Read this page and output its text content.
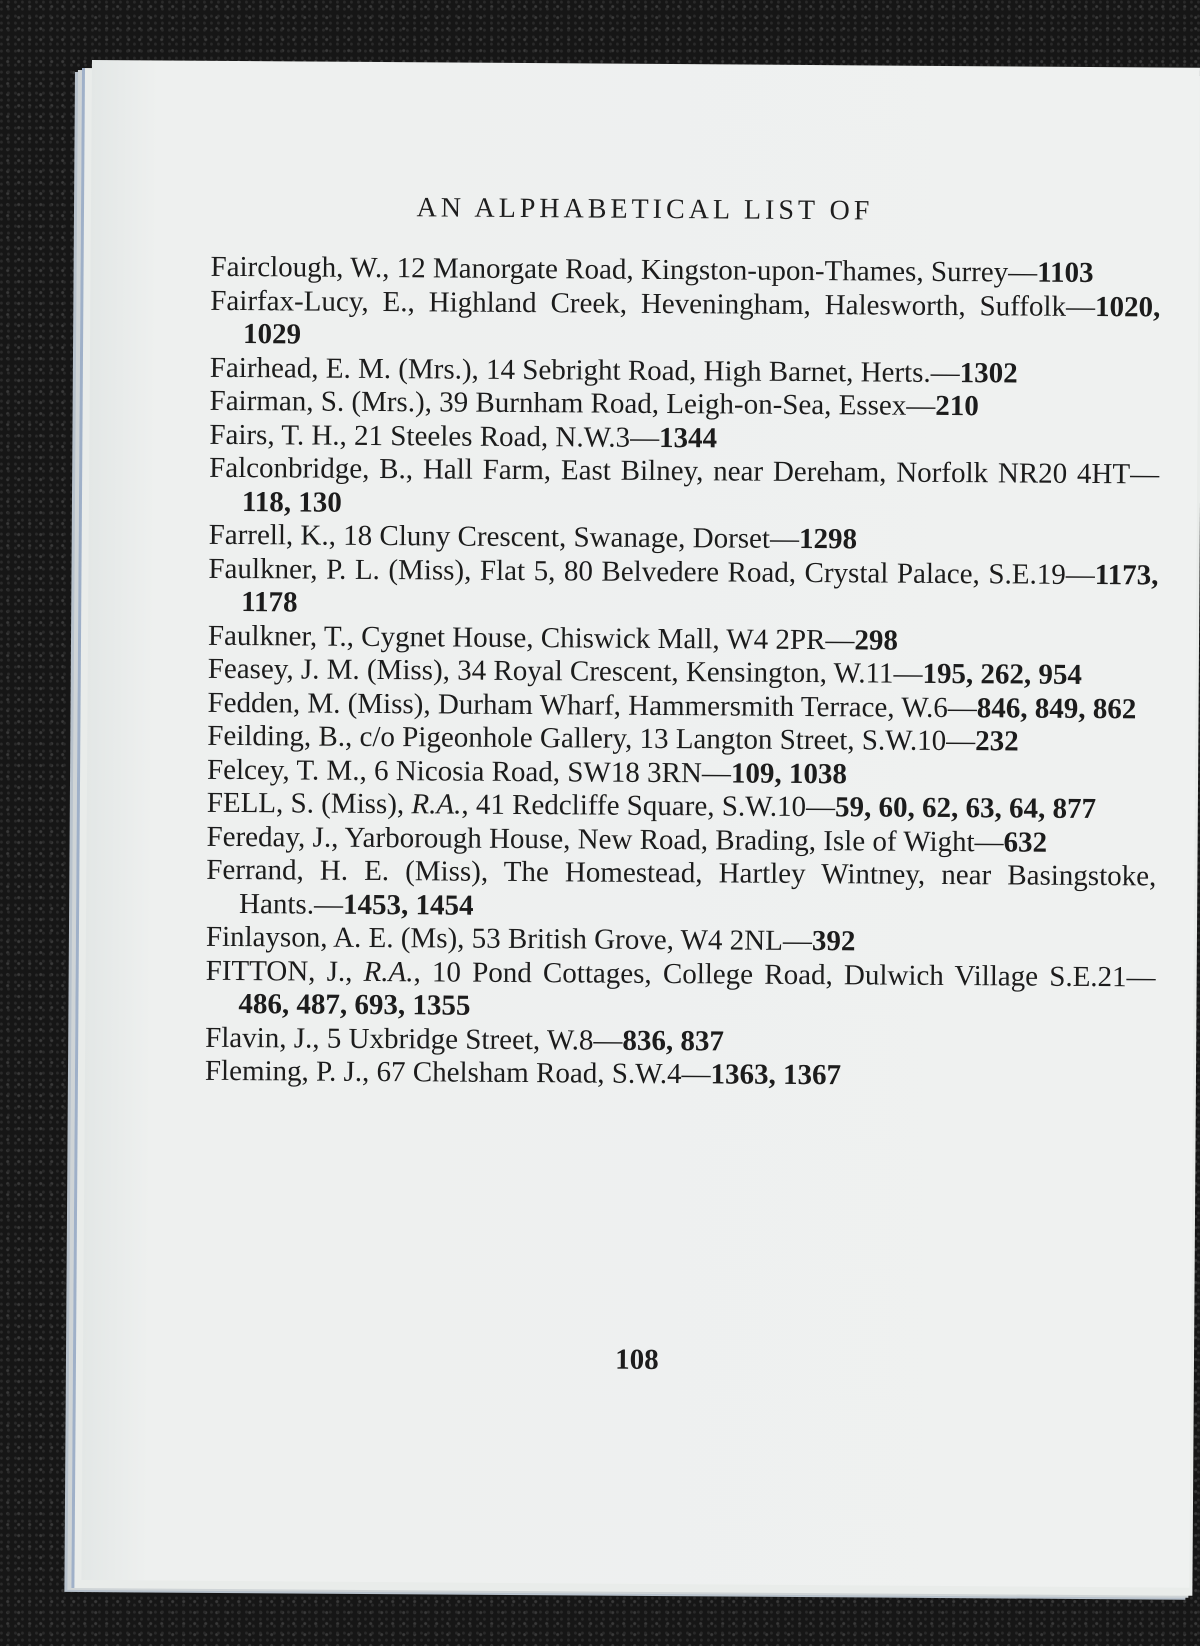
AN ALPHABETICAL LIST OF
Fairclough, W., 12 Manorgate Road, Kingston-upon-Thames, Surrey—1103
Fairfax-Lucy, E., Highland Creek, Heveningham, Halesworth, Suffolk—1020, 1029
Fairhead, E. M. (Mrs.), 14 Sebright Road, High Barnet, Herts.—1302
Fairman, S. (Mrs.), 39 Burnham Road, Leigh-on-Sea, Essex—210
Fairs, T. H., 21 Steeles Road, N.W.3—1344
Falconbridge, B., Hall Farm, East Bilney, near Dereham, Norfolk NR20 4HT—118, 130
Farrell, K., 18 Cluny Crescent, Swanage, Dorset—1298
Faulkner, P. L. (Miss), Flat 5, 80 Belvedere Road, Crystal Palace, S.E.19—1173, 1178
Faulkner, T., Cygnet House, Chiswick Mall, W4 2PR—298
Feasey, J. M. (Miss), 34 Royal Crescent, Kensington, W.11—195, 262, 954
Fedden, M. (Miss), Durham Wharf, Hammersmith Terrace, W.6—846, 849, 862
Feilding, B., c/o Pigeonhole Gallery, 13 Langton Street, S.W.10—232
Felcey, T. M., 6 Nicosia Road, SW18 3RN—109, 1038
FELL, S. (Miss), R.A., 41 Redcliffe Square, S.W.10—59, 60, 62, 63, 64, 877
Fereday, J., Yarborough House, New Road, Brading, Isle of Wight—632
Ferrand, H. E. (Miss), The Homestead, Hartley Wintney, near Basingstoke, Hants.—1453, 1454
Finlayson, A. E. (Ms), 53 British Grove, W4 2NL—392
FITTON, J., R.A., 10 Pond Cottages, College Road, Dulwich Village S.E.21—486, 487, 693, 1355
Flavin, J., 5 Uxbridge Street, W.8—836, 837
Fleming, P. J., 67 Chelsham Road, S.W.4—1363, 1367
108
